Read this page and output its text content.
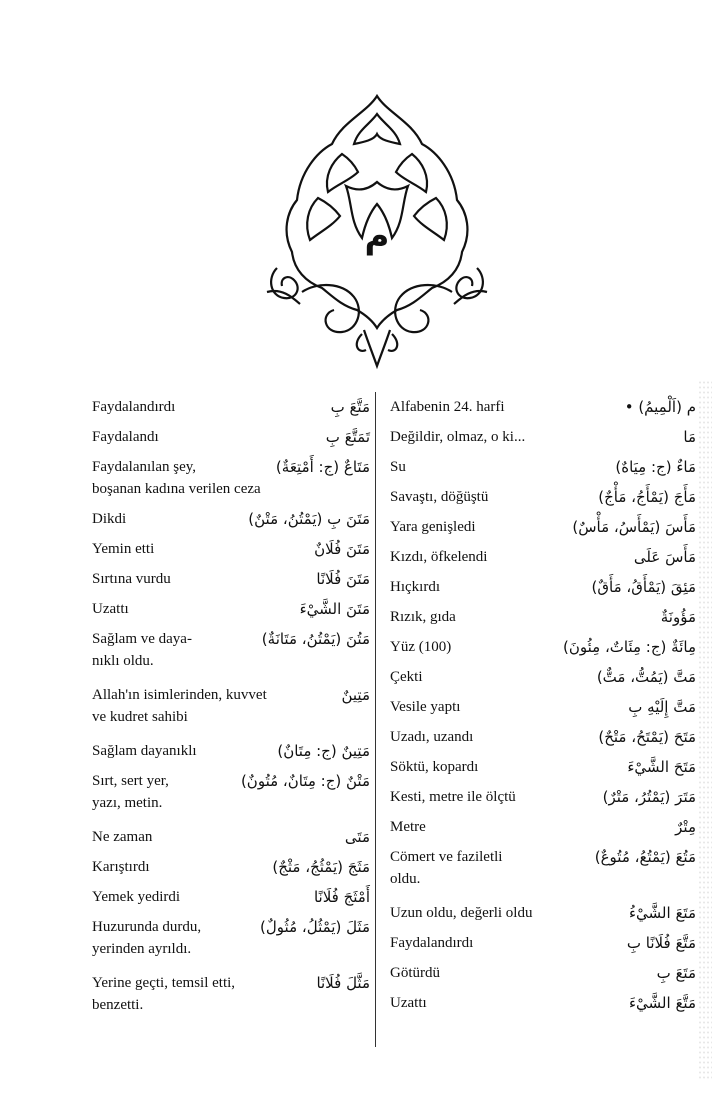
م
Faydalandırdı	مَتَّعَ بِ
Faydalandı	تَمَتَّعَ بِ
Faydalanılan şey,	مَتَاعٌ (ج: أَمْتِعَةٌ)
boşanan kadına verilen ceza
Dikdi	مَتَنَ بِ (يَمْتُنُ، مَتْنٌ)
Yemin etti	مَتَنَ فُلَانٌ
Sırtına vurdu	مَتَنَ فُلَانًا
Uzattı	مَتَنَ الشَّيْءَ
Sağlam ve daya-	مَتُنَ (يَمْتُنُ، مَتَانَةٌ)
nıklı oldu.
Allah'ın isimlerinden, kuvvet	مَتِينٌ
ve kudret sahibi
Sağlam dayanıklı	مَتِينٌ (ج: مِتَانٌ)
Sırt, sert yer,	مَتْنٌ (ج: مِتَانٌ، مُتُونٌ)
yazı, metin.
Ne zaman	مَتَى
Karıştırdı	مَثَجَ (يَمْثُجُ، مَثْجٌ)
Yemek yedirdi	أَمْثَجَ فُلَانًا
Huzurunda durdu,	مَثَلَ (يَمْثُلُ، مُثُولٌ)
yerinden ayrıldı.
Yerine geçti, temsil etti,	مَثَّلَ فُلَانًا
benzetti.
Alfabenin 24. harfi	م (اَلْمِيمُ) •
Değildir, olmaz, o ki...	مَا
Su	مَاءٌ (ج: مِيَاهٌ)
Savaştı, döğüştü	مَأَجَ (يَمْأَجُ، مَأْجٌ)
Yara genişledi	مَأَسَ (يَمْأَسُ، مَأْسٌ)
Kızdı, öfkelendi	مَأَسَ عَلَى
Hıçkırdı	مَئِقَ (يَمْأَقُ، مَأَقٌ)
Rızık, gıda	مَؤُونَةٌ
Yüz (100)	مِائَةٌ (ج: مِئَاتٌ، مِئُونَ)
Çekti	مَتَّ (يَمُتُّ، مَتٌّ)
Vesile yaptı	مَتَّ إِلَيْهِ بِ
Uzadı, uzandı	مَتَحَ (يَمْتَحُ، مَتْحٌ)
Söktü, kopardı	مَتَحَ الشَّيْءَ
Kesti, metre ile ölçtü	مَتَرَ (يَمْتُرُ، مَتْرٌ)
Metre	مِتْرٌ
Cömert ve faziletli	مَتُعَ (يَمْتُعُ، مُتُوعٌ)
oldu.
Uzun oldu, değerli oldu	مَتَعَ الشَّيْءُ
Faydalandırdı	مَتَّعَ فُلَانًا بِ
Götürdü	مَتَعَ بِ
Uzattı	مَتَّعَ الشَّيْءَ
